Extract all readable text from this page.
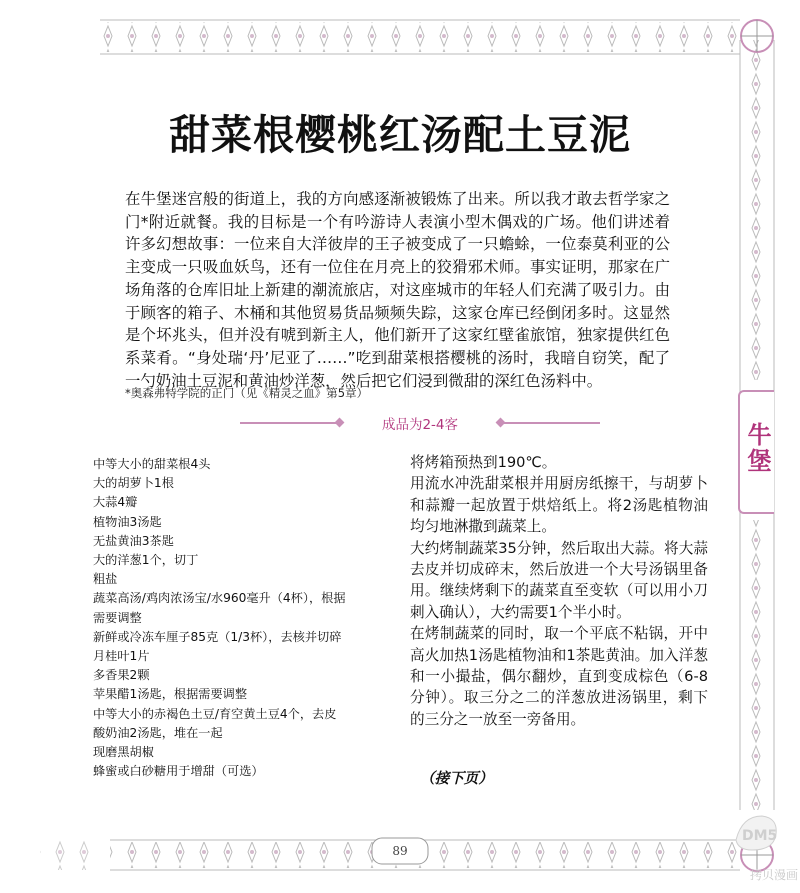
牛堡
甜菜根樱桃红汤配土豆泥

在牛堡迷宫般的街道上，我的方向感逐渐被锻炼了出来。所以我才敢去哲学家之门*附近就餐。我的目标是一个有吟游诗人表演小型木偶戏的广场。他们讲述着许多幻想故事：一位来自大洋彼岸的王子被变成了一只蟾蜍，一位泰莫利亚的公主变成一只吸血妖鸟，还有一位住在月亮上的狡猾邪术师。事实证明，那家在广场角落的仓库旧址上新建的潮流旅店，对这座城市的年轻人们充满了吸引力。由于顾客的箱子、木桶和其他贸易货品频频失踪，这家仓库已经倒闭多时。这显然是个坏兆头，但并没有唬到新主人，他们新开了这家红壁雀旅馆，独家提供红色系菜肴。“身处瑞‘丹’尼亚了……”吃到甜菜根搭樱桃的汤时，我暗自窃笑，配了一勺奶油土豆泥和黄油炒洋葱，然后把它们浸到微甜的深红色汤料中。

*奥森弗特学院的正门（见《精灵之血》第5章）
成品为2-4客
中等大小的甜菜根4头
大的胡萝卜1根
大蒜4瓣
植物油3汤匙
无盐黄油3茶匙
大的洋葱1个，切丁
粗盐
蔬菜高汤/鸡肉浓汤宝/水960毫升（4杯），根据
需要调整
新鲜或冷冻车厘子85克（1/3杯），去核并切碎
月桂叶1片
多香果2颗
苹果醋1汤匙，根据需要调整
中等大小的赤褐色土豆/育空黄土豆4个，去皮
酸奶油2汤匙，堆在一起
现磨黑胡椒
蜂蜜或白砂糖用于增甜（可选）

将烤箱预热到190℃。

用流水冲洗甜菜根并用厨房纸擦干，与胡萝卜和蒜瓣一起放置于烘焙纸上。将2汤匙植物油均匀地淋撒到蔬菜上。

大约烤制蔬菜35分钟，然后取出大蒜。将大蒜去皮并切成碎末，然后放进一个大号汤锅里备用。继续烤剩下的蔬菜直至变软（可以用小刀刺入确认），大约需要1个半小时。

在烤制蔬菜的同时，取一个平底不粘锅，开中高火加热1汤匙植物油和1茶匙黄油。加入洋葱和一小撮盐，偶尔翻炒，直到变成棕色（6-8分钟）。取三分之二的洋葱放进汤锅里，剩下的三分之一放至一旁备用。

（接下页）
89
DM5
拷贝漫画
